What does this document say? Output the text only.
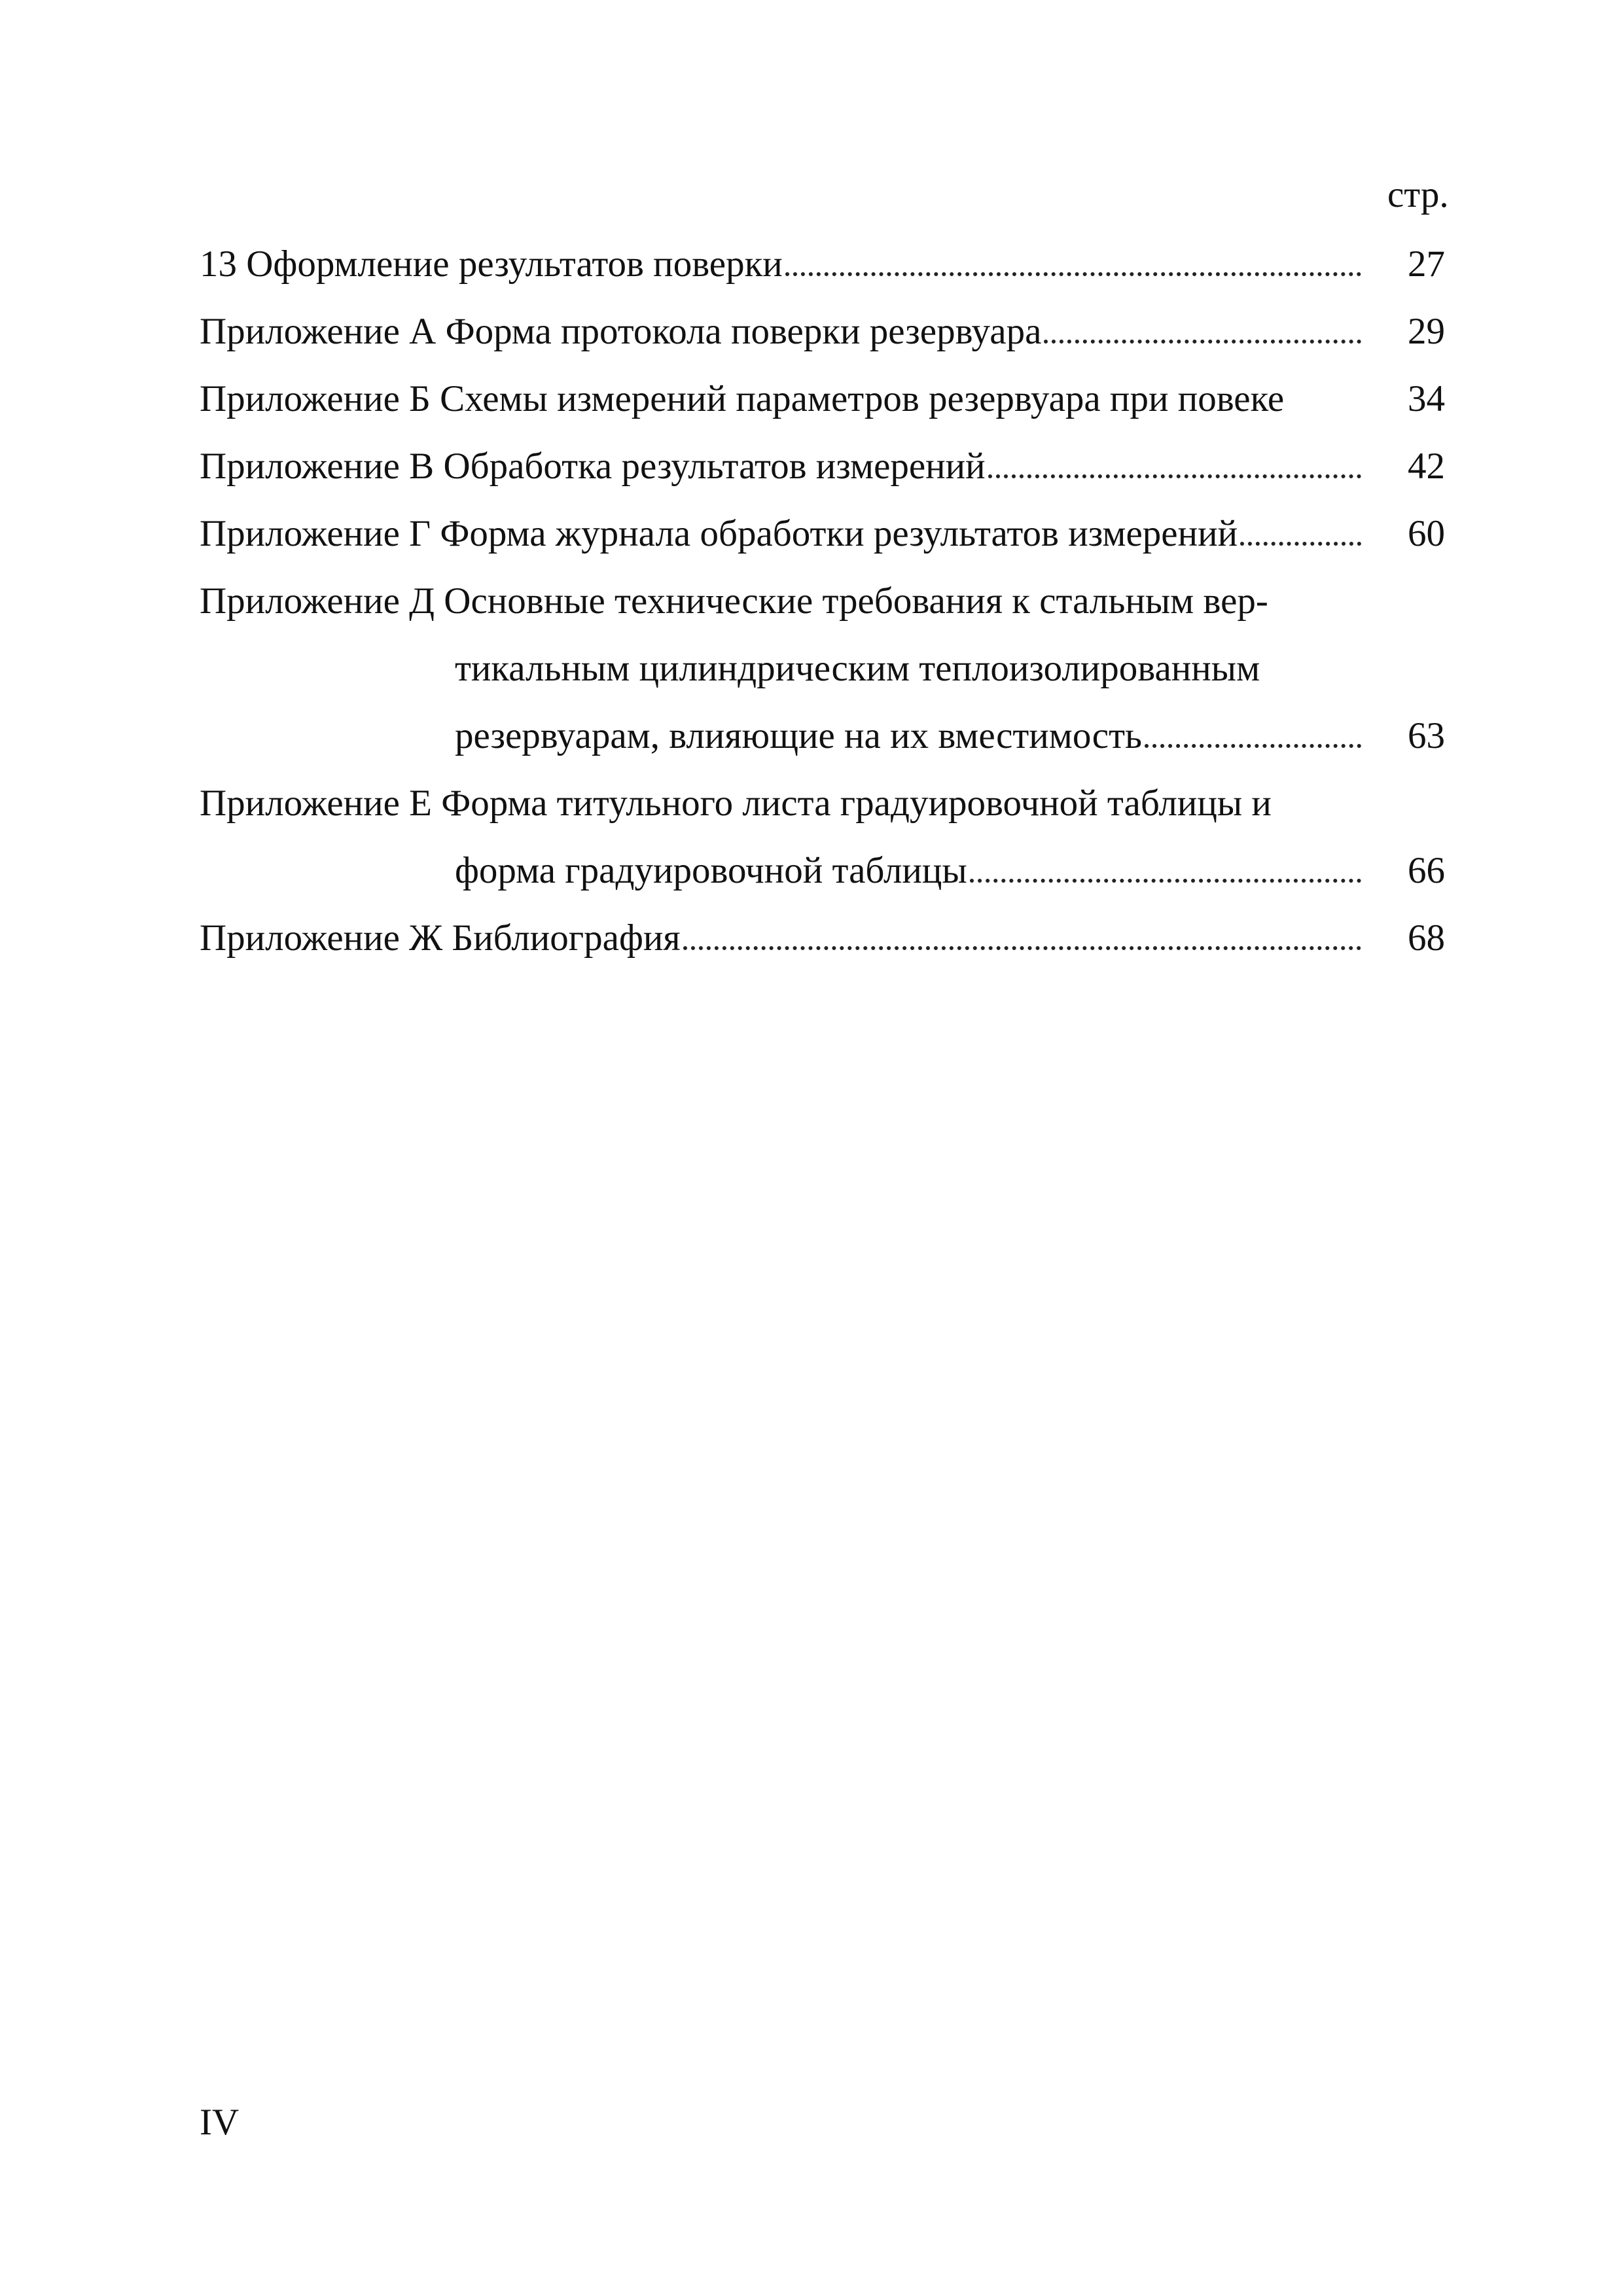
стр.
13 Оформление результатов поверки	27
Приложение А Форма протокола поверки резервуара	29
Приложение Б Схемы измерений параметров резервуара при повеке	34
Приложение В Обработка результатов измерений	42
Приложение Г Форма журнала обработки результатов измерений	60
Приложение Д Основные технические требования к стальным вер-
тикальным цилиндрическим теплоизолированным
резервуарам, влияющие на их вместимость	63
Приложение Е Форма титульного листа градуировочной таблицы и
форма градуировочной таблицы	66
Приложение Ж Библиография	68
IV
